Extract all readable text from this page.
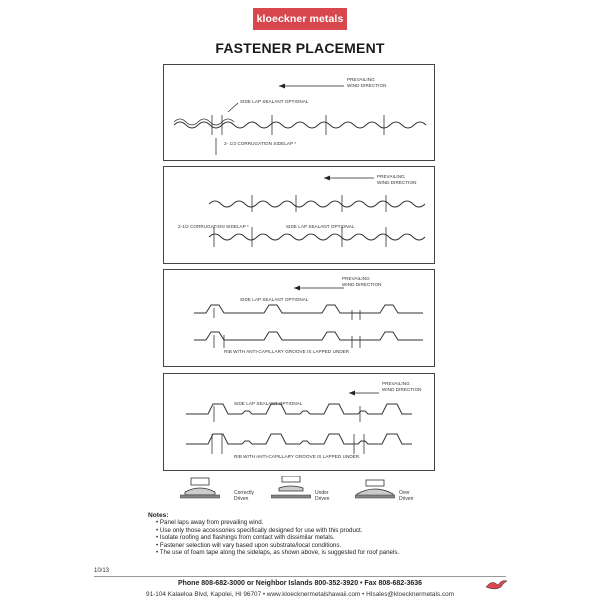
kloeckner metals
FASTENER PLACEMENT
PREVAILING
WIND DIRECTION
SIDE LAP SEALANT OPTIONAL
2- 1/2 CORRUGATION SIDELAP *
PREVAILING
WIND DIRECTION
2-1/2 CORRUGATION SIDELAP *	SIDE LAP SEALANT OPTIONAL
PREVAILING
WIND DIRECTION
SIDE LAP SEALANT OPTIONAL
RIB WITH ANTI-CAPILLARY GROOVE IS LAPPED UNDER
PREVAILING
WIND DIRECTION
SIDE LAP SEALANT OPTIONAL
RIB WITH ANTI-CAPILLARY GROOVE IS LAPPED UNDER.
Correctly
Driven
Under
Driven
Over
Driven
Notes:
• Panel laps away from prevailing wind.
• Use only those accessories specifically designed for use with this product.
• Isolate roofing and flashings from contact with dissimilar metals.
• Fastener selection will vary based upon substrate/local conditions.
• The use of foam tape along the sidelaps, as shown above, is suggested for roof panels.
10/13
Phone 808-682-3000 or Neighbor Islands 800-352-3920 • Fax 808-682-3636
91-104 Kalaeloa Blvd, Kapolei, HI 96707 • www.kloecknermetalshawaii.com • HIsales@kloecknermetals.com
